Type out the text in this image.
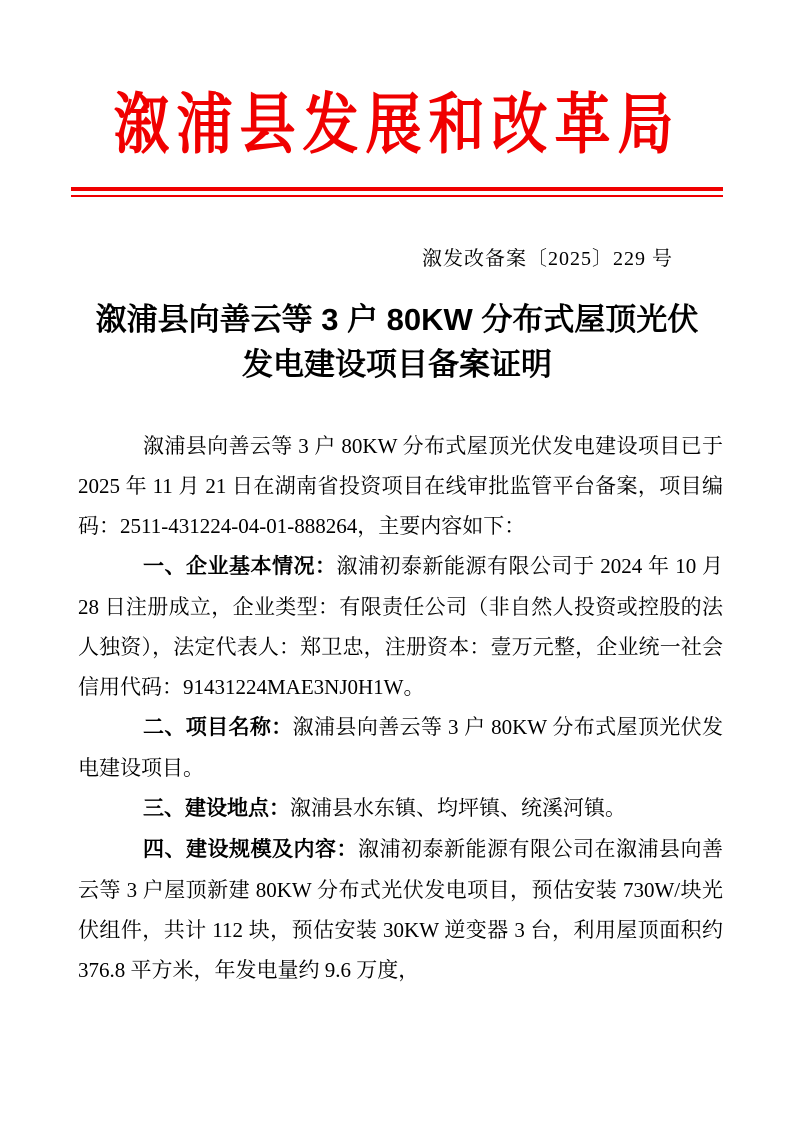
溆浦县发展和改革局
溆发改备案〔2025〕229 号
溆浦县向善云等 3 户 80KW 分布式屋顶光伏
发电建设项目备案证明

溆浦县向善云等 3 户 80KW 分布式屋顶光伏发电建设项目已于 2025 年 11 月 21 日在湖南省投资项目在线审批监管平台备案，项目编码：2511-431224-04-01-888264，主要内容如下：

一、企业基本情况：溆浦初泰新能源有限公司于 2024 年 10 月 28 日注册成立，企业类型：有限责任公司（非自然人投资或控股的法人独资），法定代表人：郑卫忠，注册资本：壹万元整，企业统一社会信用代码：91431224MAE3NJ0H1W。

二、项目名称：溆浦县向善云等 3 户 80KW 分布式屋顶光伏发电建设项目。

三、建设地点：溆浦县水东镇、均坪镇、统溪河镇。

四、建设规模及内容：溆浦初泰新能源有限公司在溆浦县向善云等 3 户屋顶新建 80KW 分布式光伏发电项目，预估安装 730W/块光伏组件，共计 112 块，预估安装 30KW 逆变器 3 台，利用屋顶面积约 376.8 平方米，年发电量约 9.6 万度，
